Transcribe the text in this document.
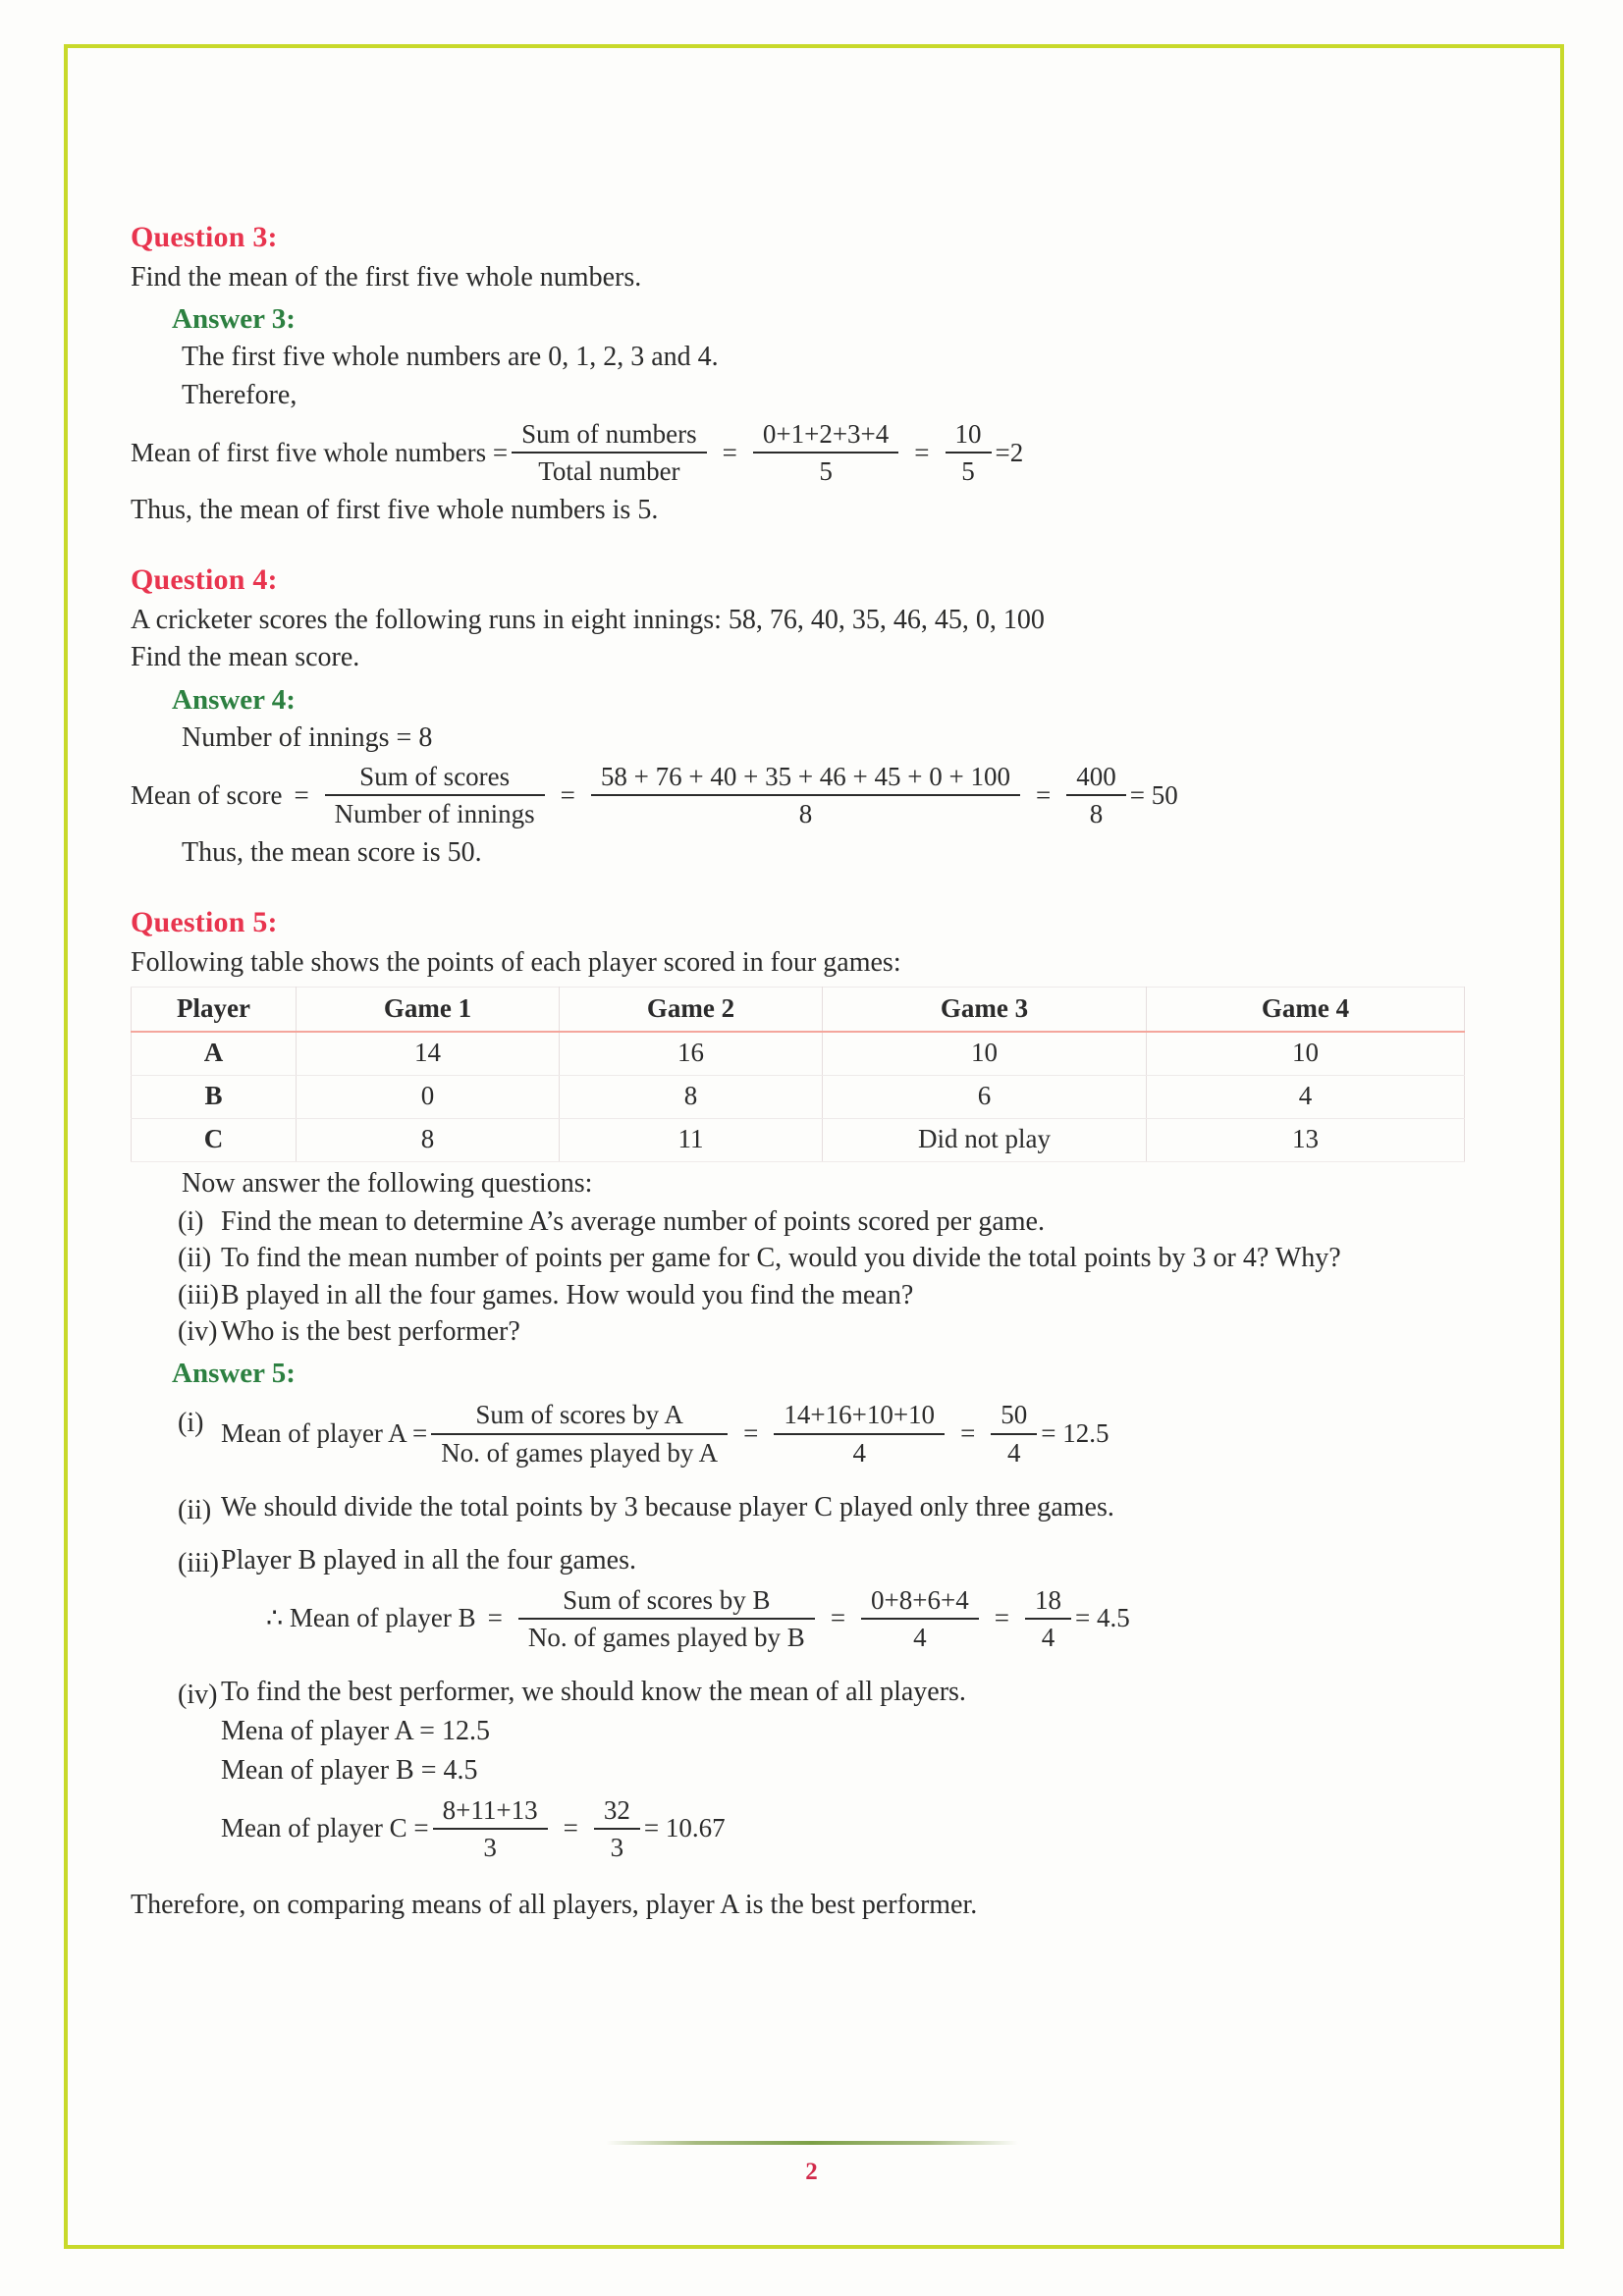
Question 3:
Find the mean of the first five whole numbers.
Answer 3:
The first five whole numbers are 0, 1, 2, 3 and 4.
Therefore,
Mean of first five whole numbers = $\frac{\text{Sum of numbers}}{\text{Total number}} = \frac{0+1+2+3+4}{5} = \frac{10}{5} =2$
Thus, the mean of first five whole numbers is 5.
Question 4:
A cricketer scores the following runs in eight innings: 58, 76, 40, 35, 46, 45, 0, 100
Find the mean score.
Answer 4:
Number of innings = 8
Mean of score = $\frac{\text{Sum of scores}}{\text{Number of innings}} = \frac{58 + 76 + 40 + 35 + 46 + 45 + 0 + 100}{8} = \frac{400}{8} = 50$
Thus, the mean score is 50.
Question 5:
Following table shows the points of each player scored in four games:
Player	Game 1	Game 2	Game 3	Game 4
A	14	16	10	10
B	0	8	6	4
C	8	11	Did not play	13
Now answer the following questions:
(i) Find the mean to determine A’s average number of points scored per game.
(ii) To find the mean number of points per game for C, would you divide the total points by 3 or 4? Why?
(iii) B played in all the four games. How would you find the mean?
(iv) Who is the best performer?
Answer 5:
(i) Mean of player $A = \frac{\text{Sum of scores by A}}{\text{No. of games played by A}} = \frac{14+16+10+10}{4} = \frac{50}{4} = 12.5$
(ii) We should divide the total points by 3 because player C played only three games.
(iii) Player B played in all the four games.
∴ Mean of player $B = \frac{\text{Sum of scores by B}}{\text{No. of games played by B}} = \frac{0+8+6+4}{4} = \frac{18}{4} = 4.5$
(iv) To find the best performer, we should know the mean of all players.
Mena of player A = 12.5
Mean of player B = 4.5
Mean of player $C = \frac{8+11+13}{3} = \frac{32}{3} = 10.67$
Therefore, on comparing means of all players, player A is the best performer.
2
